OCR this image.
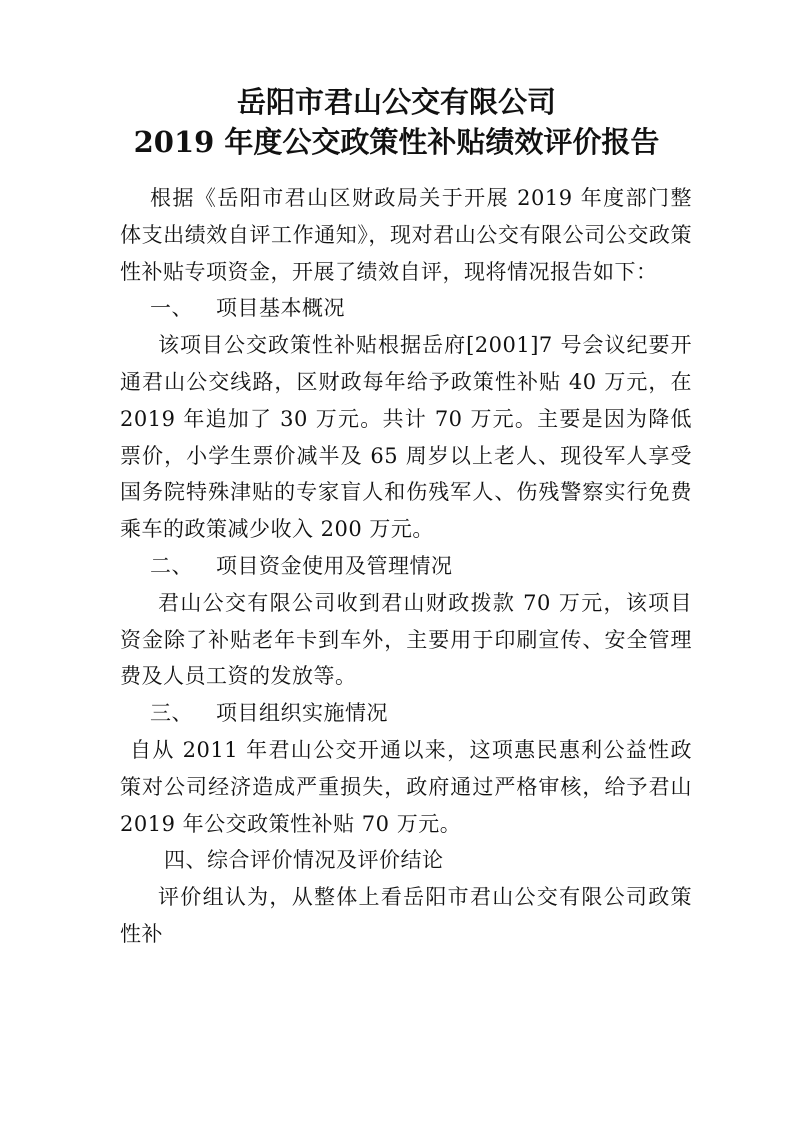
岳阳市君山公交有限公司
2019 年度公交政策性补贴绩效评价报告

根据《岳阳市君山区财政局关于开展 2019 年度部门整体支出绩效自评工作通知》，现对君山公交有限公司公交政策性补贴专项资金，开展了绩效自评，现将情况报告如下：

一、 项目基本概况

该项目公交政策性补贴根据岳府[2001]7 号会议纪要开通君山公交线路，区财政每年给予政策性补贴 40 万元，在 2019 年追加了 30 万元。共计 70 万元。主要是因为降低票价，小学生票价减半及 65 周岁以上老人、现役军人享受国务院特殊津贴的专家盲人和伤残军人、伤残警察实行免费乘车的政策减少收入 200 万元。

二、 项目资金使用及管理情况

君山公交有限公司收到君山财政拨款 70 万元，该项目资金除了补贴老年卡到车外，主要用于印刷宣传、安全管理费及人员工资的发放等。

三、 项目组织实施情况

自从 2011 年君山公交开通以来，这项惠民惠利公益性政策对公司经济造成严重损失，政府通过严格审核，给予君山 2019 年公交政策性补贴 70 万元。

四、综合评价情况及评价结论

评价组认为，从整体上看岳阳市君山公交有限公司政策性补
